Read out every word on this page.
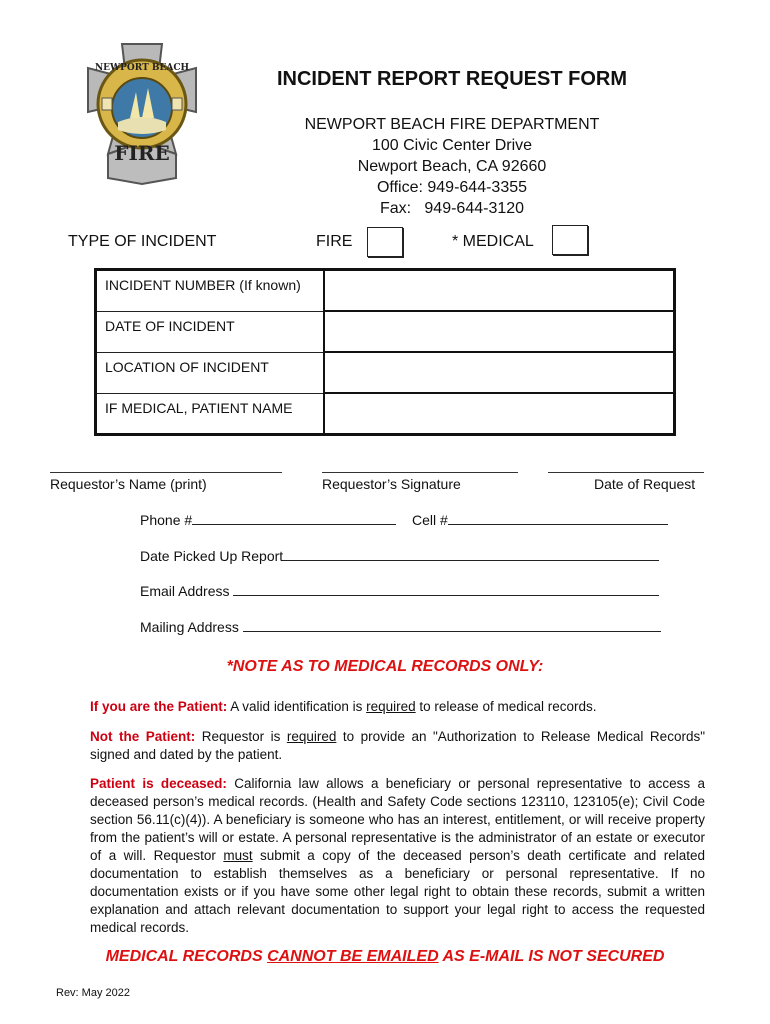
NEWPORT BEACH
FIRE
INCIDENT REPORT REQUEST FORM
NEWPORT BEACH FIRE DEPARTMENT
100 Civic Center Drive
Newport Beach, CA 92660
Office: 949-644-3355
Fax:   949-644-3120
TYPE OF INCIDENT	FIRE	* MEDICAL
INCIDENT NUMBER (If known)	
DATE OF INCIDENT	
LOCATION OF INCIDENT	
IF MEDICAL, PATIENT NAME	
Requestor’s Name (print)	Requestor’s Signature	Date of Request
Phone #	Cell #
Date Picked Up Report
Email Address
Mailing Address
*NOTE AS TO MEDICAL RECORDS ONLY:
If you are the Patient: A valid identification is required to release of medical records.
Not the Patient: Requestor is required to provide an "Authorization to Release Medical Records" signed and dated by the patient.
Patient is deceased: California law allows a beneficiary or personal representative to access a deceased person’s medical records. (Health and Safety Code sections 123110, 123105(e); Civil Code section 56.11(c)(4)). A beneficiary is someone who has an interest, entitlement, or will receive property from the patient’s will or estate. A personal representative is the administrator of an estate or executor of a will. Requestor must submit a copy of the deceased person’s death certificate and related documentation to establish themselves as a beneficiary or personal representative. If no documentation exists or if you have some other legal right to obtain these records, submit a written explanation and attach relevant documentation to support your legal right to access the requested medical records.
MEDICAL RECORDS CANNOT BE EMAILED AS E-MAIL IS NOT SECURED
Rev: May 2022
